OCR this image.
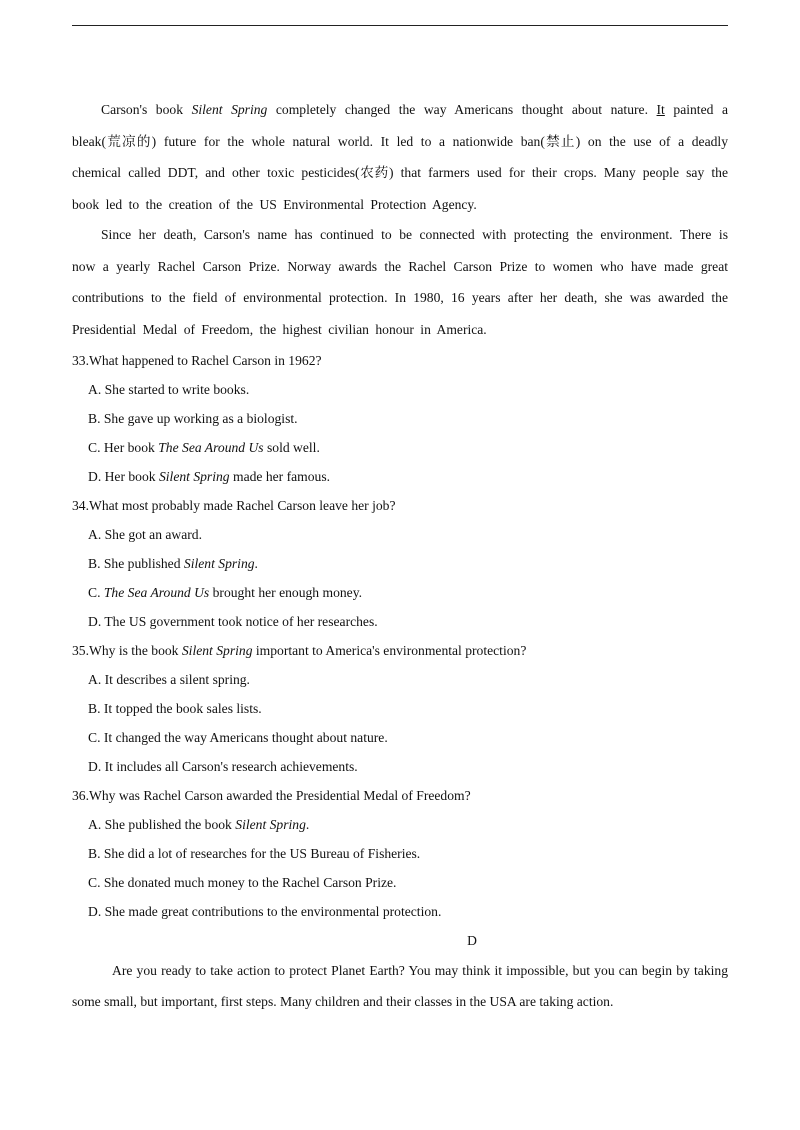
Carson's book Silent Spring completely changed the way Americans thought about nature. It painted a bleak(荒凉的) future for the whole natural world. It led to a nationwide ban(禁止) on the use of a deadly chemical called DDT, and other toxic pesticides(农药) that farmers used for their crops. Many people say the book led to the creation of the US Environmental Protection Agency.

Since her death, Carson's name has continued to be connected with protecting the environment. There is now a yearly Rachel Carson Prize. Norway awards the Rachel Carson Prize to women who have made great contributions to the field of environmental protection. In 1980, 16 years after her death, she was awarded the Presidential Medal of Freedom, the highest civilian honour in America.

33.What happened to Rachel Carson in 1962?

A. She started to write books.

B. She gave up working as a biologist.

C. Her book The Sea Around Us sold well.

D. Her book Silent Spring made her famous.

34.What most probably made Rachel Carson leave her job?

A. She got an award.

B. She published Silent Spring.

C. The Sea Around Us brought her enough money.

D. The US government took notice of her researches.

35.Why is the book Silent Spring important to America's environmental protection?

A. It describes a silent spring.

B. It topped the book sales lists.

C. It changed the way Americans thought about nature.

D. It includes all Carson's research achievements.

36.Why was Rachel Carson awarded the Presidential Medal of Freedom?

A. She published the book Silent Spring.

B. She did a lot of researches for the US Bureau of Fisheries.

C. She donated much money to the Rachel Carson Prize.

D. She made great contributions to the environmental protection.

D

Are you ready to take action to protect Planet Earth? You may think it impossible, but you can begin by taking some small, but important, first steps. Many children and their classes in the USA are taking action.
